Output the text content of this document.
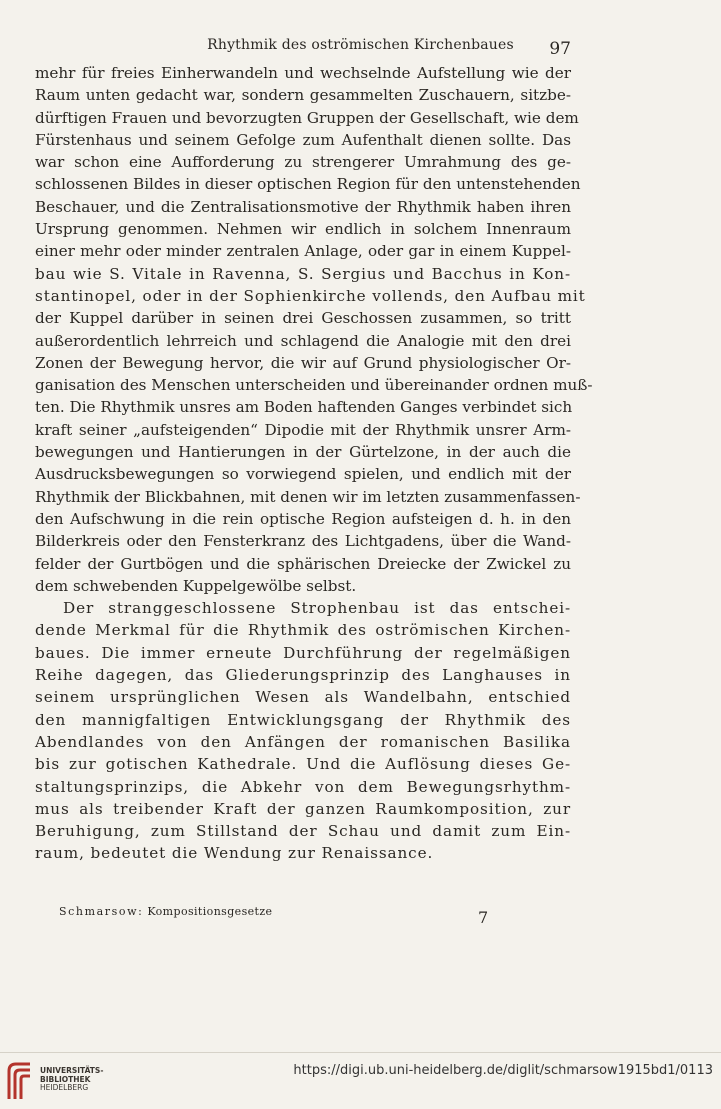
Rhythmik des oströmischen Kirchenbaues	97
mehr für freies Einherwandeln und wechselnde Aufstellung wie der
Raum unten gedacht war, sondern gesammelten Zuschauern, sitzbe-
dürftigen Frauen und bevorzugten Gruppen der Gesellschaft, wie dem
Fürstenhaus und seinem Gefolge zum Aufenthalt dienen sollte. Das
war schon eine Aufforderung zu strengerer Umrahmung des ge-
schlossenen Bildes in dieser optischen Region für den untenstehenden
Beschauer, und die Zentralisationsmotive der Rhythmik haben ihren
Ursprung genommen. Nehmen wir endlich in solchem Innenraum
einer mehr oder minder zentralen Anlage, oder gar in einem Kuppel-
bau wie S. Vitale in Ravenna, S. Sergius und Bacchus in Kon-
stantinopel, oder in der Sophienkirche vollends, den Aufbau mit
der Kuppel darüber in seinen drei Geschossen zusammen, so tritt
außerordentlich lehrreich und schlagend die Analogie mit den drei
Zonen der Bewegung hervor, die wir auf Grund physiologischer Or-
ganisation des Menschen unterscheiden und übereinander ordnen muß-
ten. Die Rhythmik unsres am Boden haftenden Ganges verbindet sich
kraft seiner „aufsteigenden“ Dipodie mit der Rhythmik unsrer Arm-
bewegungen und Hantierungen in der Gürtelzone, in der auch die
Ausdrucksbewegungen so vorwiegend spielen, und endlich mit der
Rhythmik der Blickbahnen, mit denen wir im letzten zusammenfassen-
den Aufschwung in die rein optische Region aufsteigen d. h. in den
Bilderkreis oder den Fensterkranz des Lichtgadens, über die Wand-
felder der Gurtbögen und die sphärischen Dreiecke der Zwickel zu
dem schwebenden Kuppelgewölbe selbst.
Der stranggeschlossene Strophenbau ist das entschei-
dende Merkmal für die Rhythmik des oströmischen Kirchen-
baues. Die immer erneute Durchführung der regelmäßigen
Reihe dagegen, das Gliederungsprinzip des Langhauses in
seinem ursprünglichen Wesen als Wandelbahn, entschied
den mannigfaltigen Entwicklungsgang der Rhythmik des
Abendlandes von den Anfängen der romanischen Basilika
bis zur gotischen Kathedrale. Und die Auflösung dieses Ge-
staltungsprinzips, die Abkehr von dem Bewegungsrhythm-
mus als treibender Kraft der ganzen Raumkomposition, zur
Beruhigung, zum Stillstand der Schau und damit zum Ein-
raum, bedeutet die Wendung zur Renaissance.
Schmarsow: Kompositionsgesetze	7
UNIVERSITÄTS-
BIBLIOTHEK
HEIDELBERG
https://digi.ub.uni-heidelberg.de/diglit/schmarsow1915bd1/0113
